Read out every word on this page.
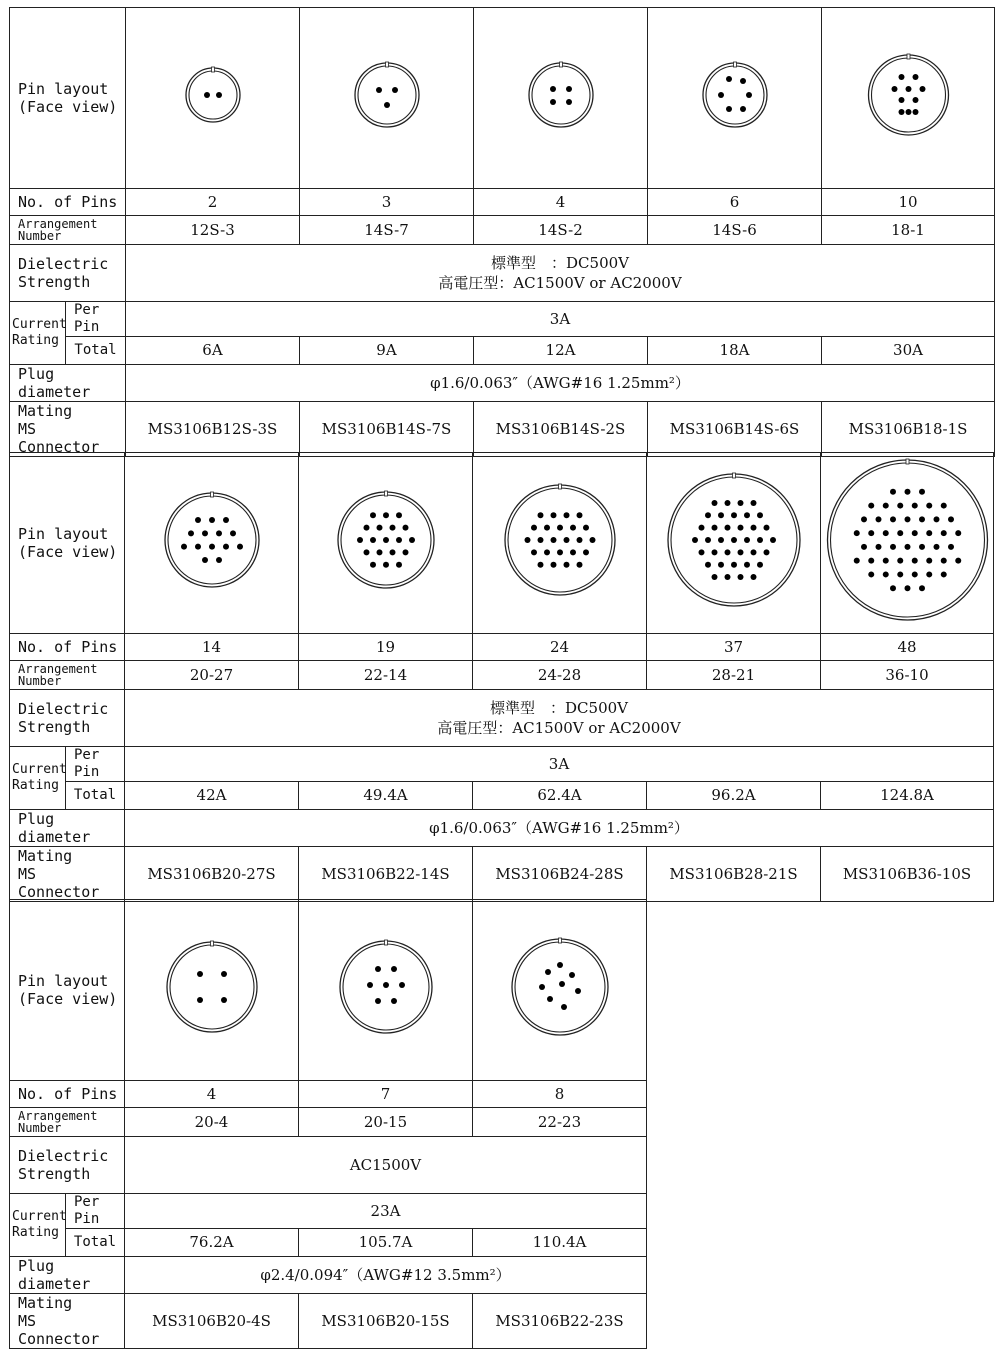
Pin layout
(Face view)	

No. of Pins		2	3	4	6	10
Arrangement
Number		12S-3	14S-7	14S-2	14S-6	18-1
Dielectric
Strength		標準型　：DC500V
高電圧型：AC1500V or AC2000V				
Current
Rating	Per Pin	3A				
	Total	6A	9A	12A	18A	30A
Plug diameter		φ1.6/0.063″（AWG#16 1.25mm²）				
Mating
MS Connector		MS3106B12S-3S	MS3106B14S-7S	MS3106B14S-2S	MS3106B14S-6S	MS3106B18-1S
Pin layout
(Face view)	

No. of Pins		14	19	24	37	48
Arrangement
Number		20-27	22-14	24-28	28-21	36-10
Dielectric
Strength		標準型　：DC500V
高電圧型：AC1500V or AC2000V				
Current
Rating	Per Pin	3A				
	Total	42A	49.4A	62.4A	96.2A	124.8A
Plug diameter		φ1.6/0.063″（AWG#16 1.25mm²）				
Mating
MS Connector		MS3106B20-27S	MS3106B22-14S	MS3106B24-28S	MS3106B28-21S	MS3106B36-10S
Pin layout
(Face view)	

No. of Pins		4	7	8
Arrangement
Number		20-4	20-15	22-23
Dielectric
Strength		AC1500V		
Current
Rating	Per Pin	23A		
	Total	76.2A	105.7A	110.4A
Plug diameter		φ2.4/0.094″（AWG#12 3.5mm²）		
Mating
MS Connector		MS3106B20-4S	MS3106B20-15S	MS3106B22-23S
